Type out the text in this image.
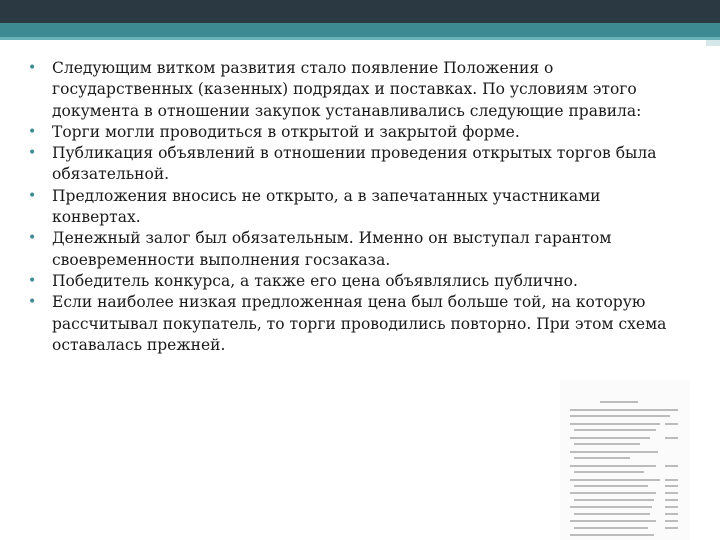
• Следующим витком развития стало появление Положения о государственных (казенных) подрядах и поставках. По условиям этого документа в отношении закупок устанавливались следующие правила:
• Торги могли проводиться в открытой и закрытой форме.
• Публикация объявлений в отношении проведения открытых торгов была обязательной.
• Предложения вносись не открыто, а в запечатанных участниками конвертах.
• Денежный залог был обязательным. Именно он выступал гарантом своевременности выполнения госзаказа.
• Победитель конкурса, а также его цена объявлялись публично.
• Если наиболее низкая предложенная цена был больше той, на которую рассчитывал покупатель, то торги проводились повторно. При этом схема оставалась прежней.
